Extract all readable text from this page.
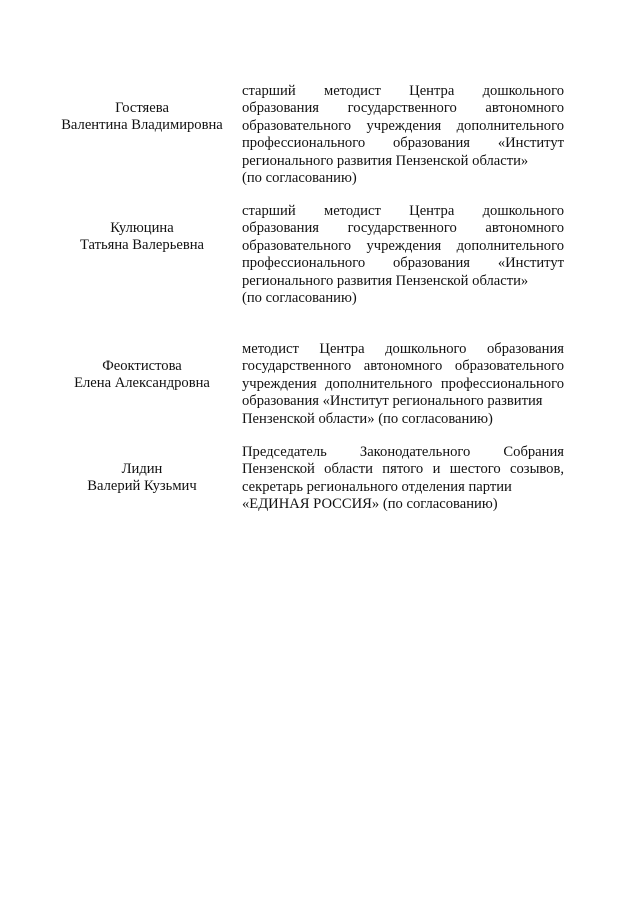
Гостяева
Валентина Владимировна
старший методист Центра дошкольного образования государственного автономного образовательного учреждения дополнительного профессионального образования «Институт регионального развития Пензенской области»
(по согласованию)
Кулюцина
Татьяна Валерьевна
старший методист Центра дошкольного образования государственного автономного образовательного учреждения дополнительного профессионального образования «Институт регионального развития Пензенской области»
(по согласованию)
Феоктистова
Елена Александровна
методист Центра дошкольного образования государственного автономного образовательного учреждения дополнительного профессионального образования «Институт регионального развития
Пензенской области» (по согласованию)
Лидин
Валерий Кузьмич
Председатель Законодательного Собрания Пензенской области пятого и шестого созывов, секретарь регионального отделения партии
«ЕДИНАЯ РОССИЯ» (по согласованию)
